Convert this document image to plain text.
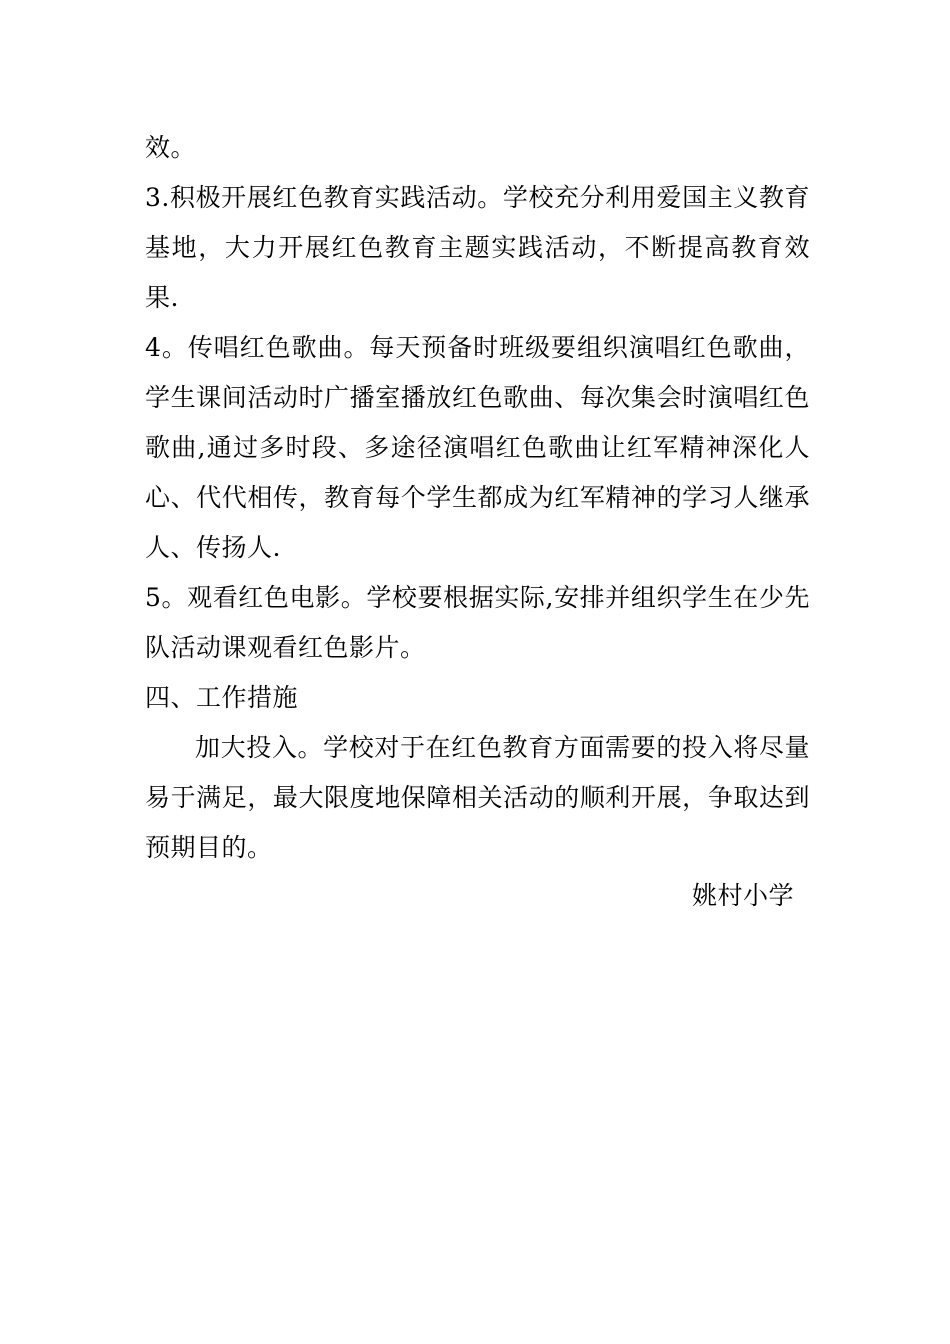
效。

3.积极开展红色教育实践活动。学校充分利用爱国主义教育基地，大力开展红色教育主题实践活动，不断提高教育效果.

4。传唱红色歌曲。每天预备时班级要组织演唱红色歌曲，学生课间活动时广播室播放红色歌曲、每次集会时演唱红色歌曲,通过多时段、多途径演唱红色歌曲让红军精神深化人心、代代相传，教育每个学生都成为红军精神的学习人继承人、传扬人.

5。观看红色电影。学校要根据实际,安排并组织学生在少先队活动课观看红色影片。

四、工作措施

加大投入。学校对于在红色教育方面需要的投入将尽量易于满足，最大限度地保障相关活动的顺利开展，争取达到预期目的。

姚村小学
